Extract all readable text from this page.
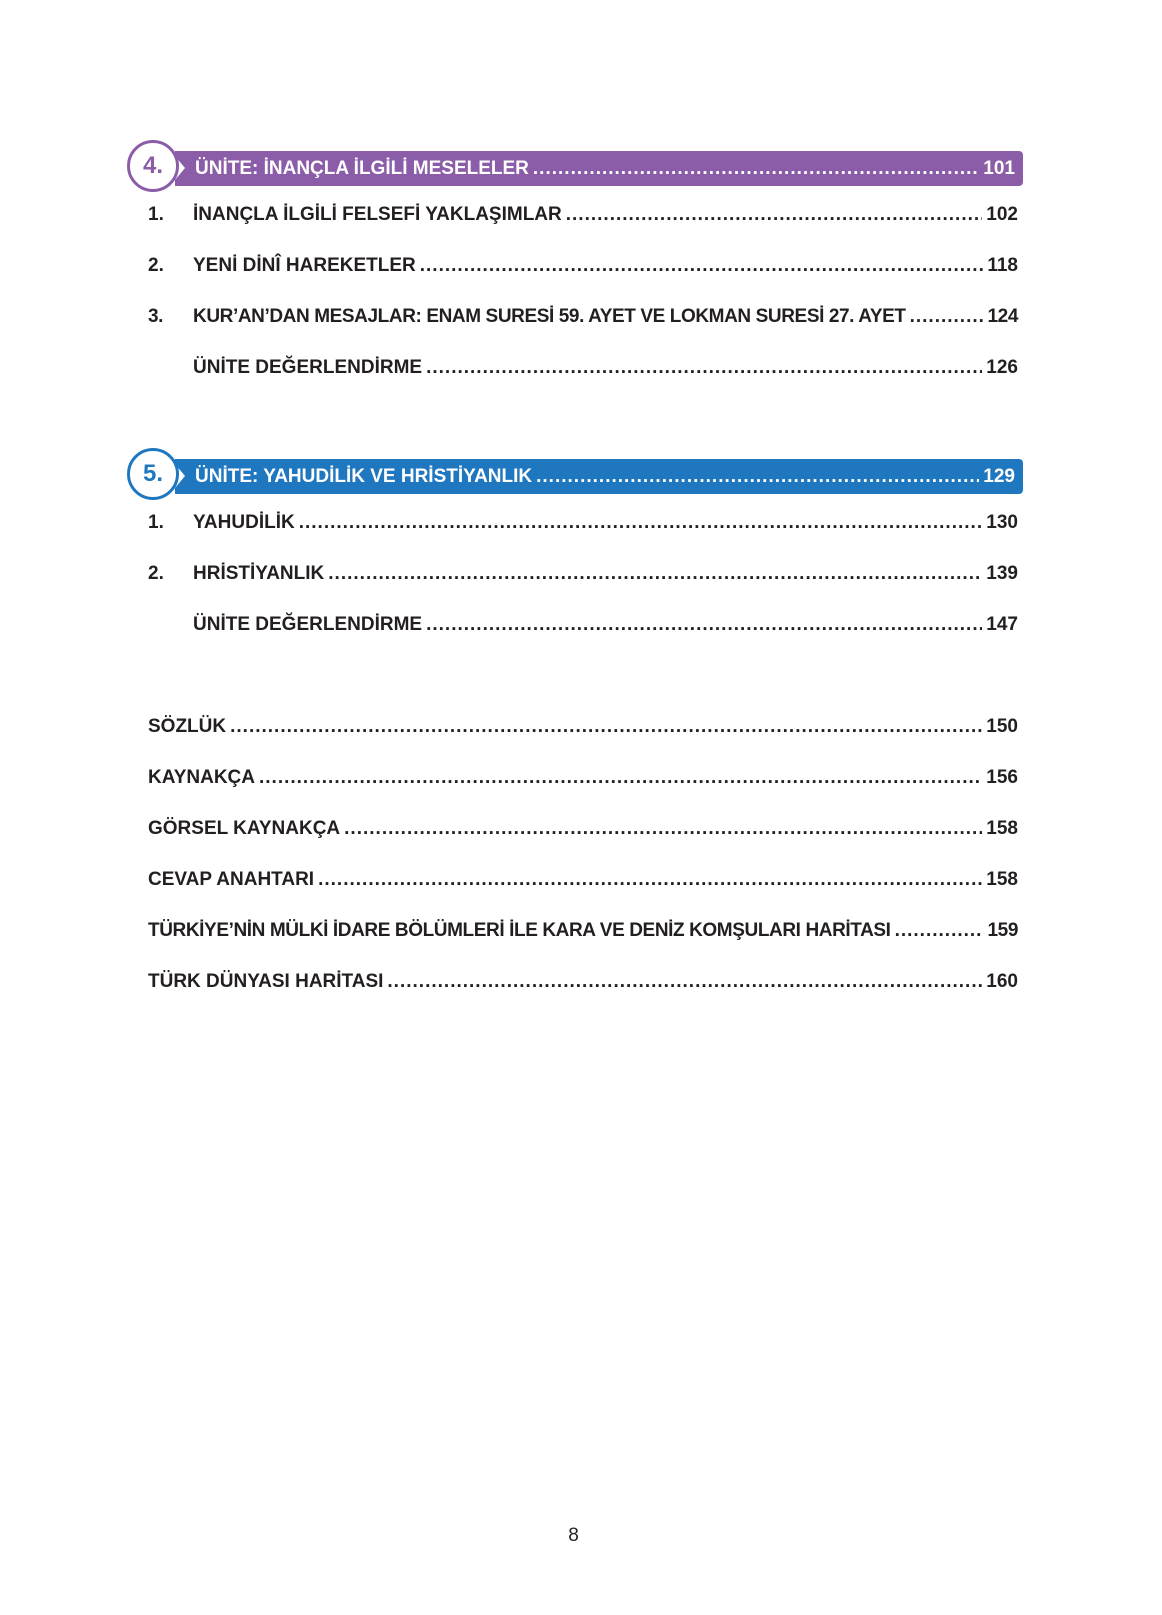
ÜNİTE: İNANÇLA İLGİLİ MESELELER .....	101
4.
1.	İNANÇLA İLGİLİ FELSEFİ YAKLAŞIMLAR .....	102
2.	YENİ DİNÎ HAREKETLER .....	118
3.	KUR’AN’DAN MESAJLAR: ENAM SURESİ 59. AYET VE LOKMAN SURESİ 27. AYET .....	124
ÜNİTE DEĞERLENDİRME .....	126
ÜNİTE: YAHUDİLİK VE HRİSTİYANLIK .....	129
5.
1.	YAHUDİLİK .....	130
2.	HRİSTİYANLIK .....	139
ÜNİTE DEĞERLENDİRME .....	147
SÖZLÜK .....	150
KAYNAKÇA .....	156
GÖRSEL KAYNAKÇA .....	158
CEVAP ANAHTARI .....	158
TÜRKİYE’NİN MÜLKİ İDARE BÖLÜMLERİ İLE KARA VE DENİZ KOMŞULARI HARİTASI .....	159
TÜRK DÜNYASI HARİTASI .....	160
8
